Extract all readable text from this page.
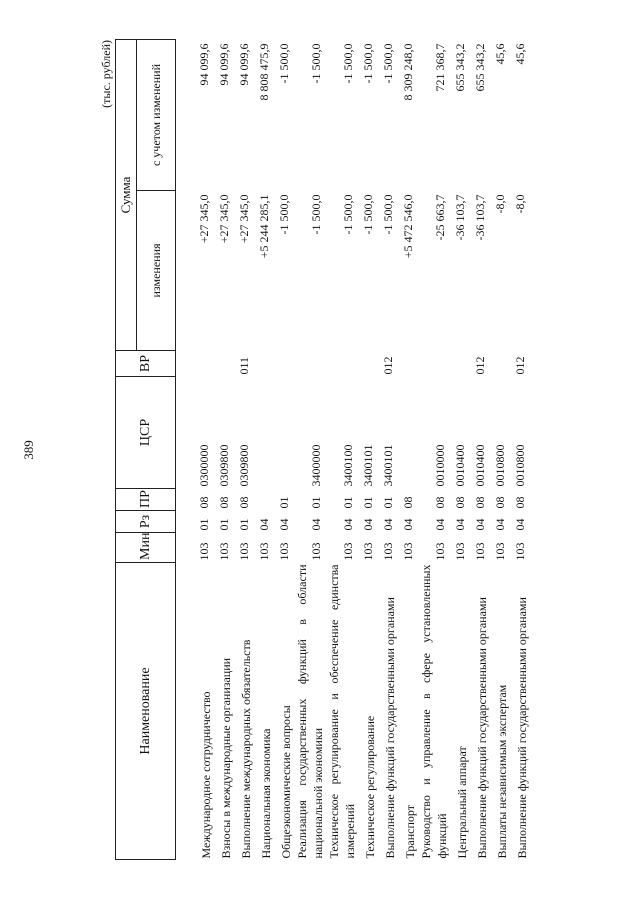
389
(тыс. рублей)
Наименование	Мин	Рз	ПР	ЦСР	ВР	Сумма	
						изменения	с учетом изменений

Международное сотрудничество	103	01	08	0300000		+27 345,0	94 099,6

Взносы в международные организации	103	01	08	0309800		+27 345,0	94 099,6

Выполнение международных обязательств	103	01	08	0309800	011	+27 345,0	94 099,6

Национальная экономика	103	04				+5 244 285,1	8 808 475,9

Общеэкономические вопросы	103	04	01			-1 500,0	-1 500,0

Реализация государственных функций в области национальной экономики	103	04	01	3400000		-1 500,0	-1 500,0

Техническое регулирование и обеспечение единства измерений	103	04	01	3400100		-1 500,0	-1 500,0

Техническое регулирование	103	04	01	3400101		-1 500,0	-1 500,0

Выполнение функций государственными органами	103	04	01	3400101	012	-1 500,0	-1 500,0

Транспорт	103	04	08			+5 472 546,0	8 309 248,0

Руководство и управление в сфере установленных функций	103	04	08	0010000		-25 663,7	721 368,7

Центральный аппарат	103	04	08	0010400		-36 103,7	655 343,2

Выполнение функций государственными органами	103	04	08	0010400	012	-36 103,7	655 343,2

Выплаты независимым экспертам	103	04	08	0010800		-8,0	45,6

Выполнение функций государственными органами	103	04	08	0010800	012	-8,0	45,6
